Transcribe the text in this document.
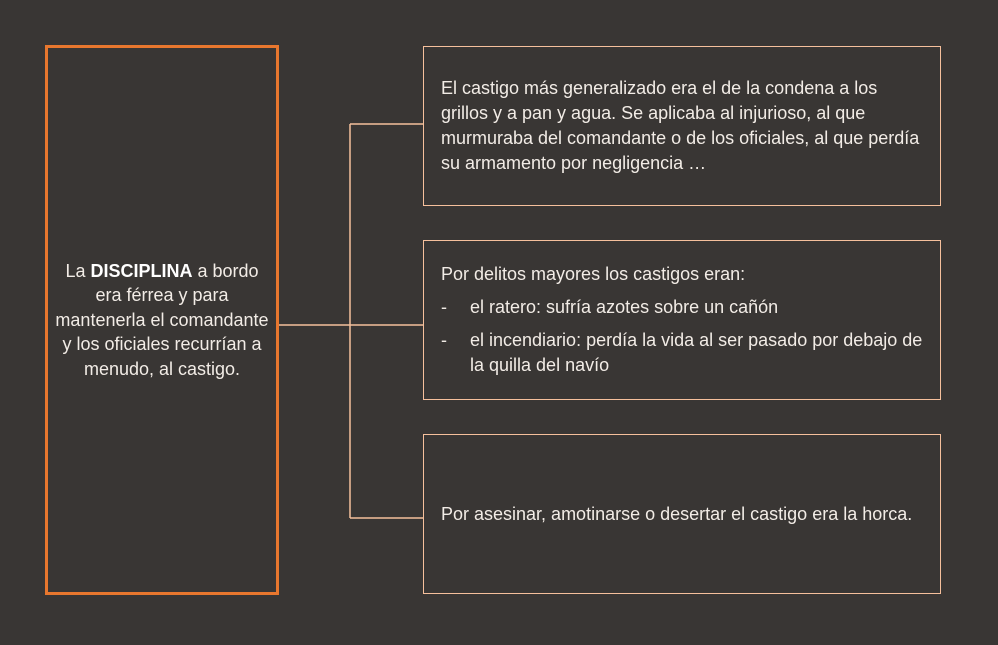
La DISCIPLINA a bordo era férrea y para mantenerla el comandante y los oficiales recurrían a menudo, al castigo.
El castigo más generalizado era el de la condena a los grillos y a pan y agua. Se aplicaba al injurioso, al que murmuraba del comandante o de los oficiales, al que perdía su armamento por negligencia …
Por delitos mayores los castigos eran:
-	el ratero: sufría azotes sobre un cañón
-	el incendiario: perdía la vida al ser pasado por debajo de la quilla del navío
Por asesinar, amotinarse o desertar el castigo era la horca.
